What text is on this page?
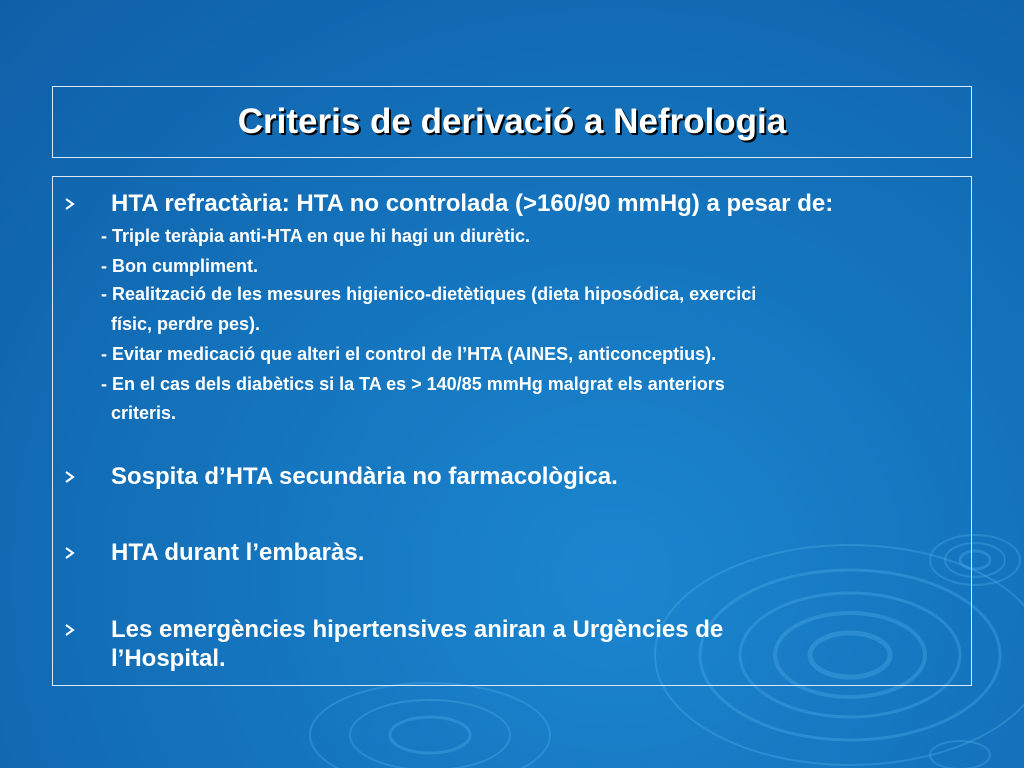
Criteris de derivació a Nefrologia
HTA refractària: HTA no controlada (>160/90 mmHg) a pesar de:
- Triple teràpia anti-HTA en que hi hagi un diurètic.
- Bon cumpliment.
- Realització de les mesures higienico-dietètiques (dieta hiposódica, exercici
físic, perdre pes).
- Evitar medicació que alteri el control de l’HTA (AINES, anticonceptius).
- En el cas dels diabètics si la TA es > 140/85 mmHg malgrat els anteriors
criteris.
Sospita d’HTA secundària no farmacològica.
HTA durant l’embaràs.
Les emergències hipertensives aniran a Urgències de l’Hospital.
